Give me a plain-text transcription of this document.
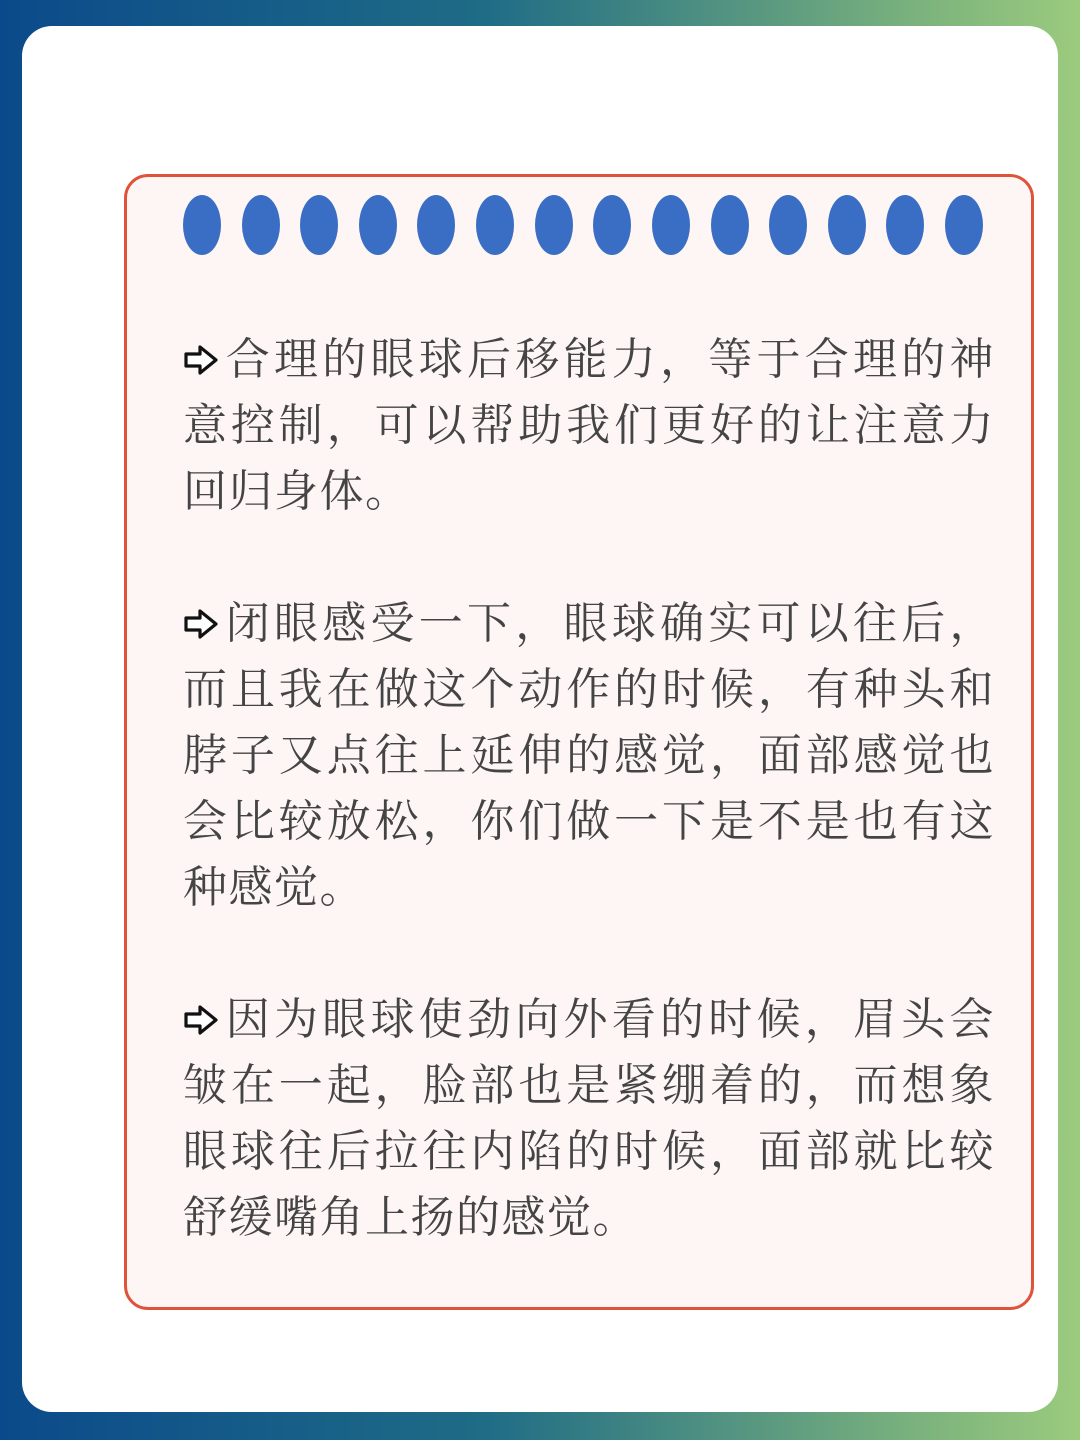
合理的眼球后移能力，等于合理的神意控制，可以帮助我们更好的让注意力回归身体。

闭眼感受一下，眼球确实可以往后，而且我在做这个动作的时候，有种头和脖子又点往上延伸的感觉，面部感觉也会比较放松，你们做一下是不是也有这种感觉。

因为眼球使劲向外看的时候，眉头会皱在一起，脸部也是紧绷着的，而想象眼球往后拉往内陷的时候，面部就比较舒缓嘴角上扬的感觉。
